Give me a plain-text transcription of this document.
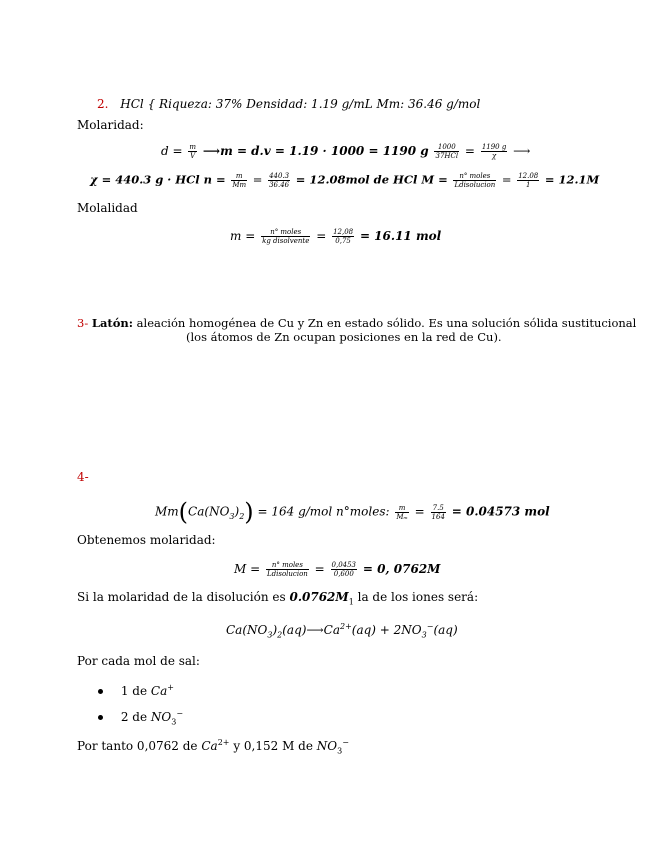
2. HCl { Riqueza: 37% Densidad: 1.19 g/mL Mm: 36.46 g/mol
Molaridad:
$d = \frac{m}{V}$ ⟶m = d.v = 1.19 · 1000 = 1190 g $\frac{1000}{\text{37HCl}} = \frac{1190 g}{\chi}$ ⟶
χ = 440.3 g · HCl $n = \frac{m}{Mm} = \frac{440.3}{36.46} = 12.08mol$ de HCl $M = \frac{\text{n° moles}}{\text{Ldisolucion}} = \frac{12.08}{1} = 12.1M$
Molalidad
$m = \frac{\text{n° moles}}{\text{kg disolvente}} = \frac{12,08}{0,75} = 16.11$ mol
3- Latón: aleación homogénea de Cu y Zn en estado sólido. Es una solución sólida sustitucional
(los átomos de Zn ocupan posiciones en la red de Cu).
4-
$Mm(Ca(NO_3)_2) = 164$ g/mol n°moles: $\frac{m}{\text{Mₘ}} = \frac{7.5}{164} = 0.04573$ mol
Obtenemos molaridad:
$M = \frac{\text{n° moles}}{\text{Ldisolucion}} = \frac{0,0453}{0,600} = 0$, 0762M
Si la molaridad de la disolución es $0.0762M_1$ la de los iones será:
$Ca(NO_3)_2(aq)⟶Ca^{2+}(aq) + 2NO_3^-(aq)$
Por cada mol de sal:
1 de Ca+
2 de $NO_3^-$
Por tanto 0,0762 de $Ca^{2+}$ y 0,152 M de $NO_3^-$
